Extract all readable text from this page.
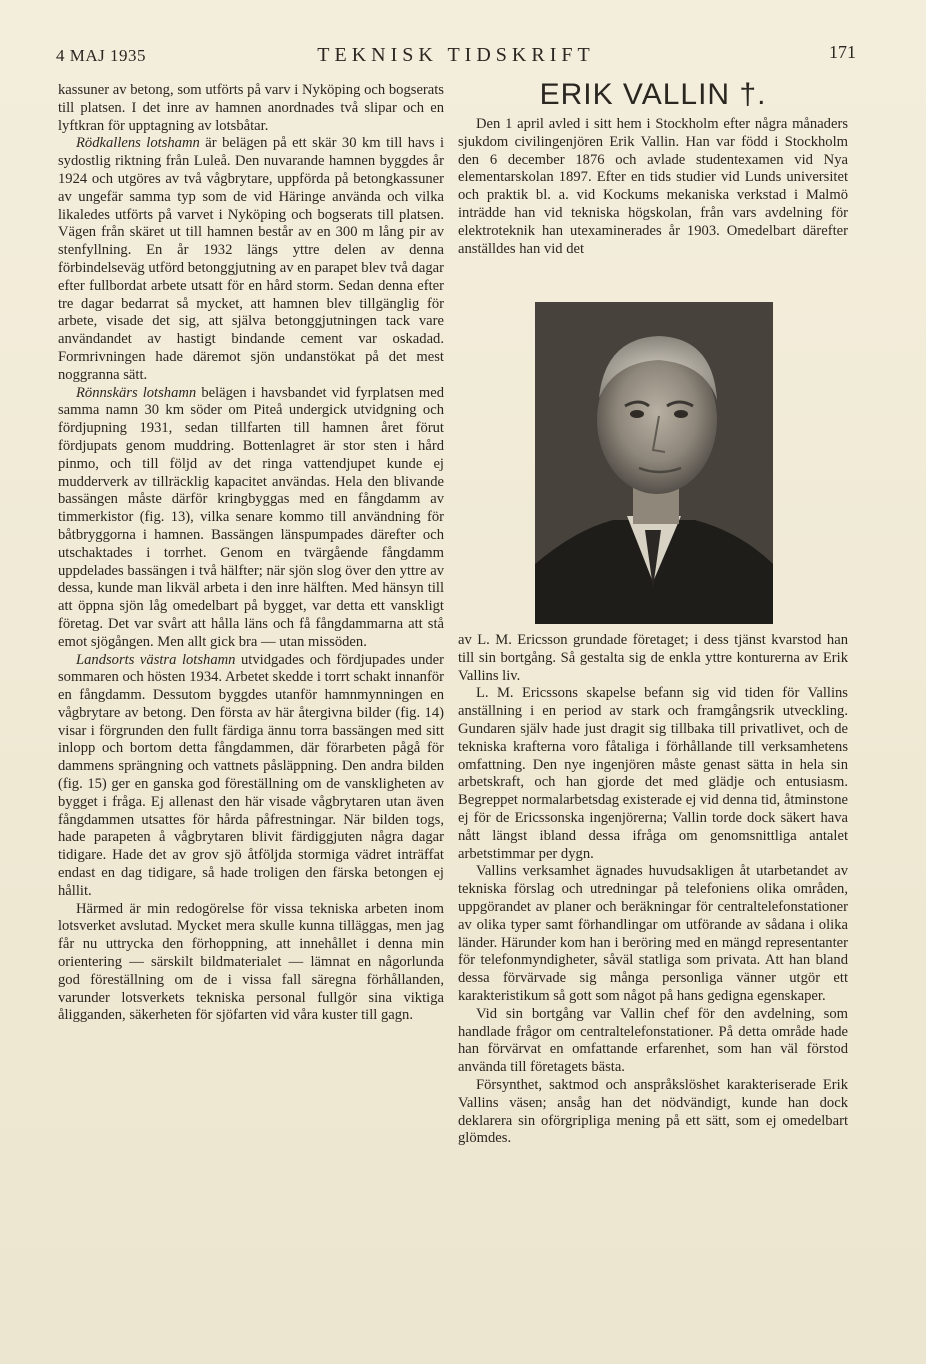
4 MAJ 1935	TEKNISK TIDSKRIFT	171

kassuner av betong, som utförts på varv i Nyköping och bogserats till platsen. I det inre av hamnen anordnades två slipar och en lyftkran för upptagning av lotsbåtar.

Rödkallens lotshamn är belägen på ett skär 30 km till havs i sydostlig riktning från Luleå. Den nuvarande hamnen byggdes år 1924 och utgöres av två vågbrytare, uppförda på betongkassuner av ungefär samma typ som de vid Häringe använda och vilka likaledes utförts på varvet i Nyköping och bogserats till platsen. Vägen från skäret ut till hamnen består av en 300 m lång pir av stenfyllning. En år 1932 längs yttre delen av denna förbindelseväg utförd betonggjutning av en parapet blev två dagar efter fullbordat arbete utsatt för en hård storm. Sedan denna efter tre dagar bedarrat så mycket, att hamnen blev tillgänglig för arbete, visade det sig, att själva betonggjutningen tack vare användandet av hastigt bindande cement var oskadad. Formrivningen hade däremot sjön undanstökat på det mest noggranna sätt.

Rönnskärs lotshamn belägen i havsbandet vid fyrplatsen med samma namn 30 km söder om Piteå undergick utvidgning och fördjupning 1931, sedan tillfarten till hamnen året förut fördjupats genom muddring. Bottenlagret är stor sten i hård pinmo, och till följd av det ringa vattendjupet kunde ej mudderverk av tillräcklig kapacitet användas. Hela den blivande bassängen måste därför kringbyggas med en fångdamm av timmerkistor (fig. 13), vilka senare kommo till användning för båtbryggorna i hamnen. Bassängen länspumpades därefter och utschaktades i torrhet. Genom en tvärgående fångdamm uppdelades bassängen i två hälfter; när sjön slog över den yttre av dessa, kunde man likväl arbeta i den inre hälften. Med hänsyn till att öppna sjön låg omedelbart på bygget, var detta ett vanskligt företag. Det var svårt att hålla läns och få fångdammarna att stå emot sjögången. Men allt gick bra — utan missöden.

Landsorts västra lotshamn utvidgades och fördjupades under sommaren och hösten 1934. Arbetet skedde i torrt schakt innanför en fångdamm. Dessutom byggdes utanför hamnmynningen en vågbrytare av betong. Den första av här återgivna bilder (fig. 14) visar i förgrunden den fullt färdiga ännu torra bassängen med sitt inlopp och bortom detta fångdammen, där förarbeten pågå för dammens sprängning och vattnets påsläppning. Den andra bilden (fig. 15) ger en ganska god föreställning om de vanskligheten av bygget i fråga. Ej allenast den här visade vågbrytaren utan även fångdammen utsattes för hårda påfrestningar. När bilden togs, hade parapeten å vågbrytaren blivit färdiggjuten några dagar tidigare. Hade det av grov sjö åtföljda stormiga vädret inträffat endast en dag tidigare, så hade troligen den färska betongen ej hållit.

Härmed är min redogörelse för vissa tekniska arbeten inom lotsverket avslutad. Mycket mera skulle kunna tilläggas, men jag får nu uttrycka den förhoppning, att innehållet i denna min orientering — särskilt bildmaterialet — lämnat en någorlunda god föreställning om de i vissa fall säregna förhållanden, varunder lotsverkets tekniska personal fullgör sina viktiga åligganden, säkerheten för sjöfarten vid våra kuster till gagn.

ERIK VALLIN †.

Den 1 april avled i sitt hem i Stockholm efter några månaders sjukdom civilingenjören Erik Vallin. Han var född i Stockholm den 6 december 1876 och avlade studentexamen vid Nya elementarskolan 1897. Efter en tids studier vid Lunds universitet och praktik bl. a. vid Kockums mekaniska verkstad i Malmö inträdde han vid tekniska högskolan, från vars avdelning för elektroteknik han utexaminerades år 1903. Omedelbart därefter anställdes han vid det

av L. M. Ericsson grundade företaget; i dess tjänst kvarstod han till sin bortgång. Så gestalta sig de enkla yttre konturerna av Erik Vallins liv.

L. M. Ericssons skapelse befann sig vid tiden för Vallins anställning i en period av stark och framgångsrik utveckling. Gundaren själv hade just dragit sig tillbaka till privatlivet, och de tekniska krafterna voro fåtaliga i förhållande till verksamhetens omfattning. Den nye ingenjören måste genast sätta in hela sin arbetskraft, och han gjorde det med glädje och entusiasm. Begreppet normalarbetsdag existerade ej vid denna tid, åtminstone ej för de Ericssonska ingenjörerna; Vallin torde dock säkert hava nått längst ibland dessa ifråga om genomsnittliga antalet arbetstimmar per dygn.

Vallins verksamhet ägnades huvudsakligen åt utarbetandet av tekniska förslag och utredningar på telefoniens olika områden, uppgörandet av planer och beräkningar för centraltelefonstationer av olika typer samt förhandlingar om utförande av sådana i olika länder. Härunder kom han i beröring med en mängd representanter för telefonmyndigheter, såväl statliga som privata. Att han bland dessa förvärvade sig många personliga vänner utgör ett karakteristikum så gott som något på hans gedigna egenskaper.

Vid sin bortgång var Vallin chef för den avdelning, som handlade frågor om centraltelefonstationer. På detta område hade han förvärvat en omfattande erfarenhet, som han väl förstod använda till företagets bästa.

Försynthet, saktmod och anspråkslöshet karakteriserade Erik Vallins väsen; ansåg han det nödvändigt, kunde han dock deklarera sin oförgripliga mening på ett sätt, som ej omedelbart glömdes.
